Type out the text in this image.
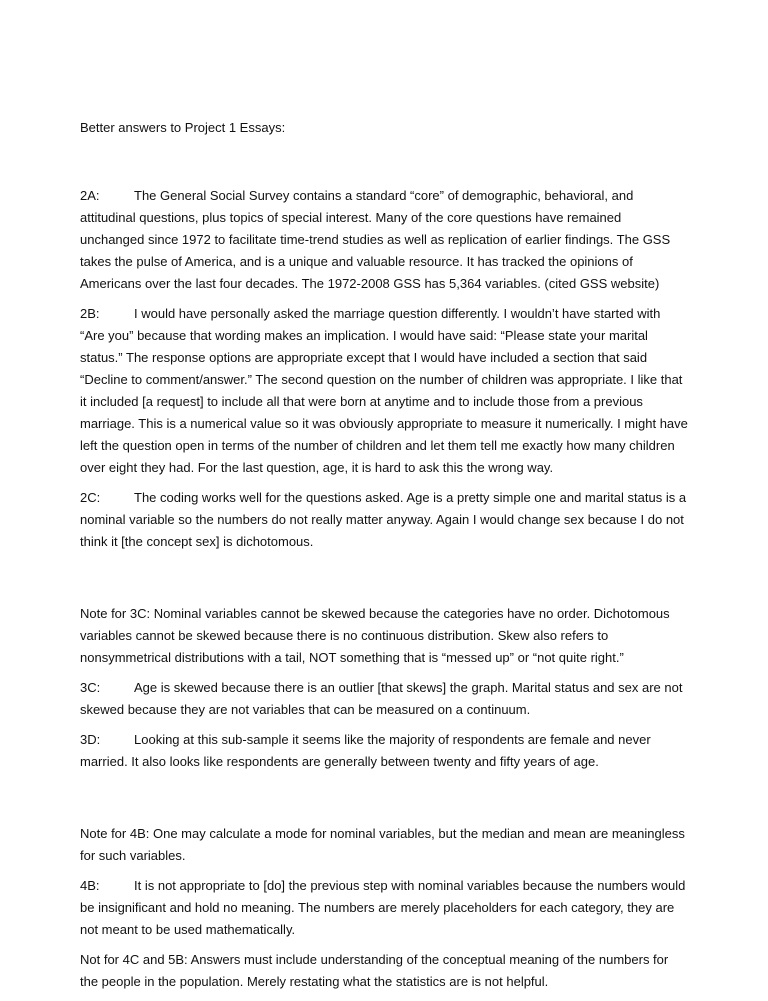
Better answers to Project 1 Essays:

2A:	The General Social Survey contains a standard “core” of demographic, behavioral, and attitudinal questions, plus topics of special interest. Many of the core questions have remained unchanged since 1972 to facilitate time-trend studies as well as replication of earlier findings. The GSS takes the pulse of America, and is a unique and valuable resource. It has tracked the opinions of Americans over the last four decades. The 1972-2008 GSS has 5,364 variables. (cited GSS website)

2B:	I would have personally asked the marriage question differently. I wouldn’t have started with “Are you” because that wording makes an implication. I would have said: “Please state your marital status.” The response options are appropriate except that I would have included a section that said “Decline to comment/answer.” The second question on the number of children was appropriate. I like that it included [a request] to include all that were born at anytime and to include those from a previous marriage. This is a numerical value so it was obviously appropriate to measure it numerically. I might have left the question open in terms of the number of children and let them tell me exactly how many children over eight they had. For the last question, age, it is hard to ask this the wrong way.

2C:	The coding works well for the questions asked. Age is a pretty simple one and marital status is a nominal variable so the numbers do not really matter anyway. Again I would change sex because I do not think it [the concept sex] is dichotomous.

Note for 3C: Nominal variables cannot be skewed because the categories have no order. Dichotomous variables cannot be skewed because there is no continuous distribution. Skew also refers to nonsymmetrical distributions with a tail, NOT something that is “messed up” or “not quite right.”

3C:	Age is skewed because there is an outlier [that skews] the graph. Marital status and sex are not skewed because they are not variables that can be measured on a continuum.

3D:	Looking at this sub-sample it seems like the majority of respondents are female and never married. It also looks like respondents are generally between twenty and fifty years of age.

Note for 4B: One may calculate a mode for nominal variables, but the median and mean are meaningless for such variables.

4B:	It is not appropriate to [do] the previous step with nominal variables because the numbers would be insignificant and hold no meaning. The numbers are merely placeholders for each category, they are not meant to be used mathematically.

Not for 4C and 5B: Answers must include understanding of the conceptual meaning of the numbers for the people in the population. Merely restating what the statistics are is not helpful.
